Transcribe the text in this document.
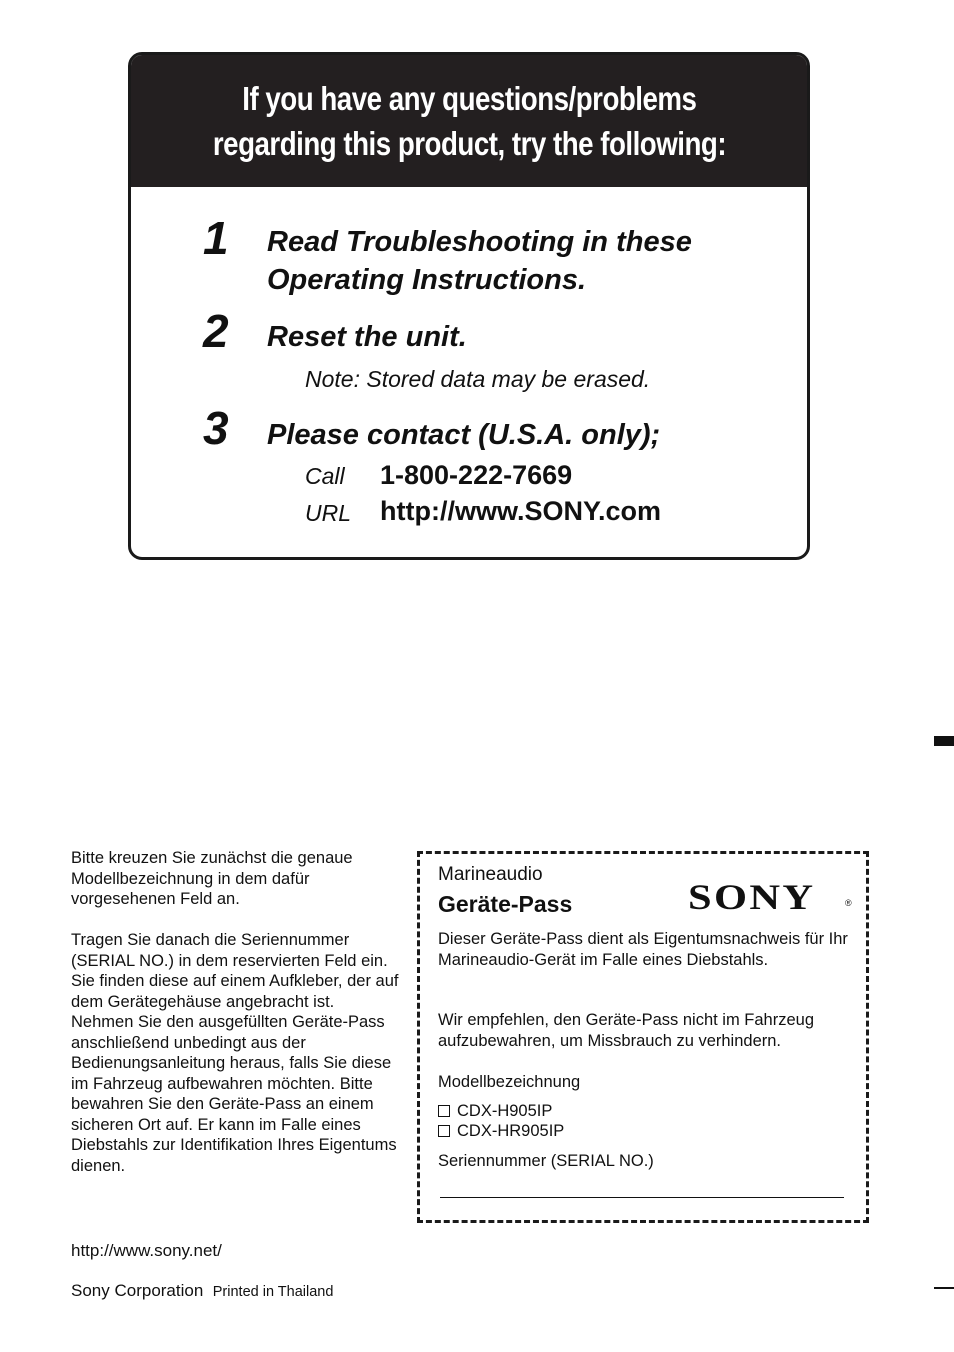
If you have any questions/problems
regarding this product, try the following:
1 Read Troubleshooting in these
Operating Instructions.
2 Reset the unit.
Note: Stored data may be erased.
3 Please contact (U.S.A. only);
Call 1-800-222-7669
URL http://www.SONY.com
Bitte kreuzen Sie zunächst die genaue Modellbezeichnung in dem dafür vorgesehenen Feld an.
Tragen Sie danach die Seriennummer (SERIAL NO.) in dem reservierten Feld ein. Sie finden diese auf einem Aufkleber, der auf dem Gerätegehäuse angebracht ist. Nehmen Sie den ausgefüllten Geräte-Pass anschließend unbedingt aus der Bedienungsanleitung heraus, falls Sie diese im Fahrzeug aufbewahren möchten. Bitte bewahren Sie den Geräte-Pass an einem sicheren Ort auf. Er kann im Falle eines Diebstahls zur Identifikation Ihres Eigentums dienen.
http://www.sony.net/
Sony Corporation Printed in Thailand
Marineaudio
Geräte-Pass	SONY	®
Dieser Geräte-Pass dient als Eigentumsnachweis für Ihr Marineaudio-Gerät im Falle eines Diebstahls.
Wir empfehlen, den Geräte-Pass nicht im Fahrzeug aufzubewahren, um Missbrauch zu verhindern.
Modellbezeichnung
CDX-H905IP
CDX-HR905IP
Seriennummer (SERIAL NO.)
